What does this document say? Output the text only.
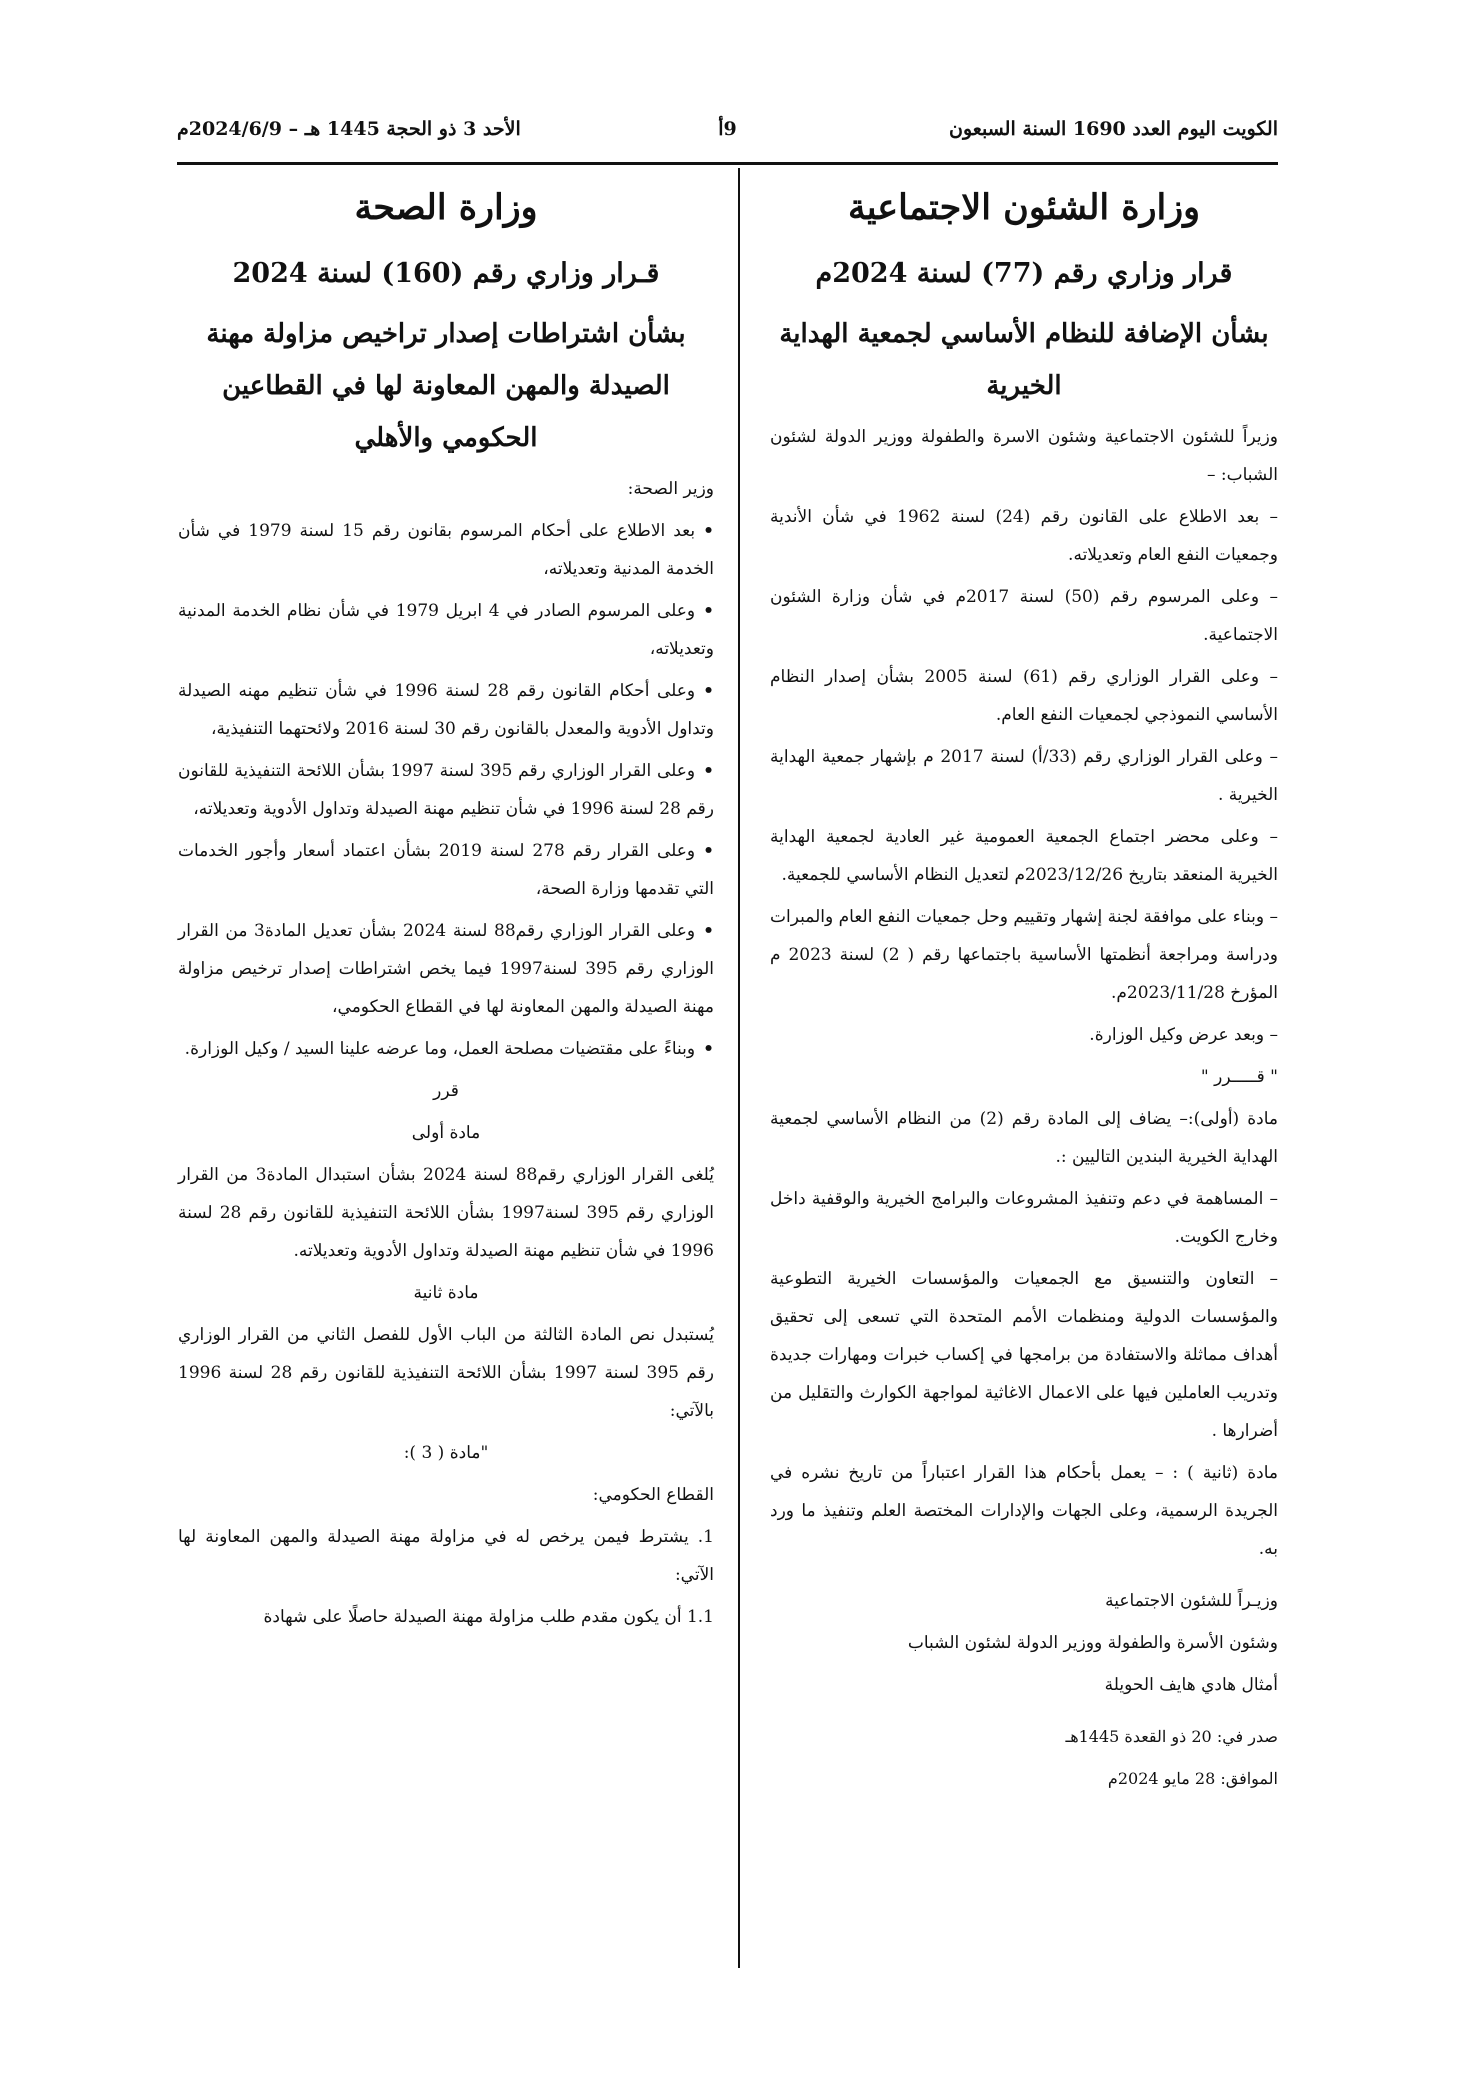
الكويت اليوم العدد 1690 السنة السبعون
9أ
الأحد 3 ذو الحجة 1445 هـ – 2024/6/9م
وزارة الشئون الاجتماعية
قرار وزاري رقم (77) لسنة 2024م
بشأن الإضافة للنظام الأساسي لجمعية الهداية الخيرية

وزيراً للشئون الاجتماعية وشئون الاسرة والطفولة ووزير الدولة لشئون الشباب: –

– بعد الاطلاع على القانون رقم (24) لسنة 1962 في شأن الأندية وجمعيات النفع العام وتعديلاته.

– وعلى المرسوم رقم (50) لسنة 2017م في شأن وزارة الشئون الاجتماعية.

– وعلى القرار الوزاري رقم (61) لسنة 2005 بشأن إصدار النظام الأساسي النموذجي لجمعيات النفع العام.

– وعلى القرار الوزاري رقم (33/أ) لسنة 2017 م بإشهار جمعية الهداية الخيرية .

– وعلى محضر اجتماع الجمعية العمومية غير العادية لجمعية الهداية الخيرية المنعقد بتاريخ 2023/12/26م لتعديل النظام الأساسي للجمعية.

– وبناء على موافقة لجنة إشهار وتقييم وحل جمعيات النفع العام والمبرات ودراسة ومراجعة أنظمتها الأساسية باجتماعها رقم ( 2) لسنة 2023 م المؤرخ 2023/11/28م.

– وبعد عرض وكيل الوزارة.

" قـــــرر "

مادة (أولى):– يضاف إلى المادة رقم (2) من النظام الأساسي لجمعية الهداية الخيرية البندين التاليين :.

– المساهمة في دعم وتنفيذ المشروعات والبرامج الخيرية والوقفية داخل وخارج الكويت.

– التعاون والتنسيق مع الجمعيات والمؤسسات الخيرية التطوعية والمؤسسات الدولية ومنظمات الأمم المتحدة التي تسعى إلى تحقيق أهداف مماثلة والاستفادة من برامجها في إكساب خبرات ومهارات جديدة وتدريب العاملين فيها على الاعمال الاغاثية لمواجهة الكوارث والتقليل من أضرارها .

مادة (ثانية ) : – يعمل بأحكام هذا القرار اعتباراً من تاريخ نشره في الجريدة الرسمية، وعلى الجهات والإدارات المختصة العلم وتنفيذ ما ورد به.

وزيـراً للشئون الاجتماعية

وشئون الأسرة والطفولة ووزير الدولة لشئون الشباب

أمثال هادي هايف الحويلة

صدر في: 20 ذو القعدة 1445هـ

الموافق: 28 مايو 2024م

وزارة الصحة
قـرار وزاري رقم (160) لسنة 2024
بشأن اشتراطات إصدار تراخيص مزاولة مهنة الصيدلة والمهن المعاونة لها في القطاعين الحكومي والأهلي

وزير الصحة:

• بعد الاطلاع على أحكام المرسوم بقانون رقم 15 لسنة 1979 في شأن الخدمة المدنية وتعديلاته،

• وعلى المرسوم الصادر في 4 ابريل 1979 في شأن نظام الخدمة المدنية وتعديلاته،

• وعلى أحكام القانون رقم 28 لسنة 1996 في شأن تنظيم مهنه الصيدلة وتداول الأدوية والمعدل بالقانون رقم 30 لسنة 2016 ولائحتهما التنفيذية،

• وعلى القرار الوزاري رقم 395 لسنة 1997 بشأن اللائحة التنفيذية للقانون رقم 28 لسنة 1996 في شأن تنظيم مهنة الصيدلة وتداول الأدوية وتعديلاته،

• وعلى القرار رقم 278 لسنة 2019 بشأن اعتماد أسعار وأجور الخدمات التي تقدمها وزارة الصحة،

• وعلى القرار الوزاري رقم88 لسنة 2024 بشأن تعديل المادة3 من القرار الوزاري رقم 395 لسنة1997 فيما يخص اشتراطات إصدار ترخيص مزاولة مهنة الصيدلة والمهن المعاونة لها في القطاع الحكومي،

• وبناءً على مقتضيات مصلحة العمل، وما عرضه علينا السيد / وكيل الوزارة.

قرر

مادة أولى

يُلغى القرار الوزاري رقم88 لسنة 2024 بشأن استبدال المادة3 من القرار الوزاري رقم 395 لسنة1997 بشأن اللائحة التنفيذية للقانون رقم 28 لسنة 1996 في شأن تنظيم مهنة الصيدلة وتداول الأدوية وتعديلاته.

مادة ثانية

يُستبدل نص المادة الثالثة من الباب الأول للفصل الثاني من القرار الوزاري رقم 395 لسنة 1997 بشأن اللائحة التنفيذية للقانون رقم 28 لسنة 1996 بالآتي:

"مادة ( 3 ):

القطاع الحكومي:

1. يشترط فيمن يرخص له في مزاولة مهنة الصيدلة والمهن المعاونة لها الآتي:

1.1 أن يكون مقدم طلب مزاولة مهنة الصيدلة حاصلًا على شهادة
